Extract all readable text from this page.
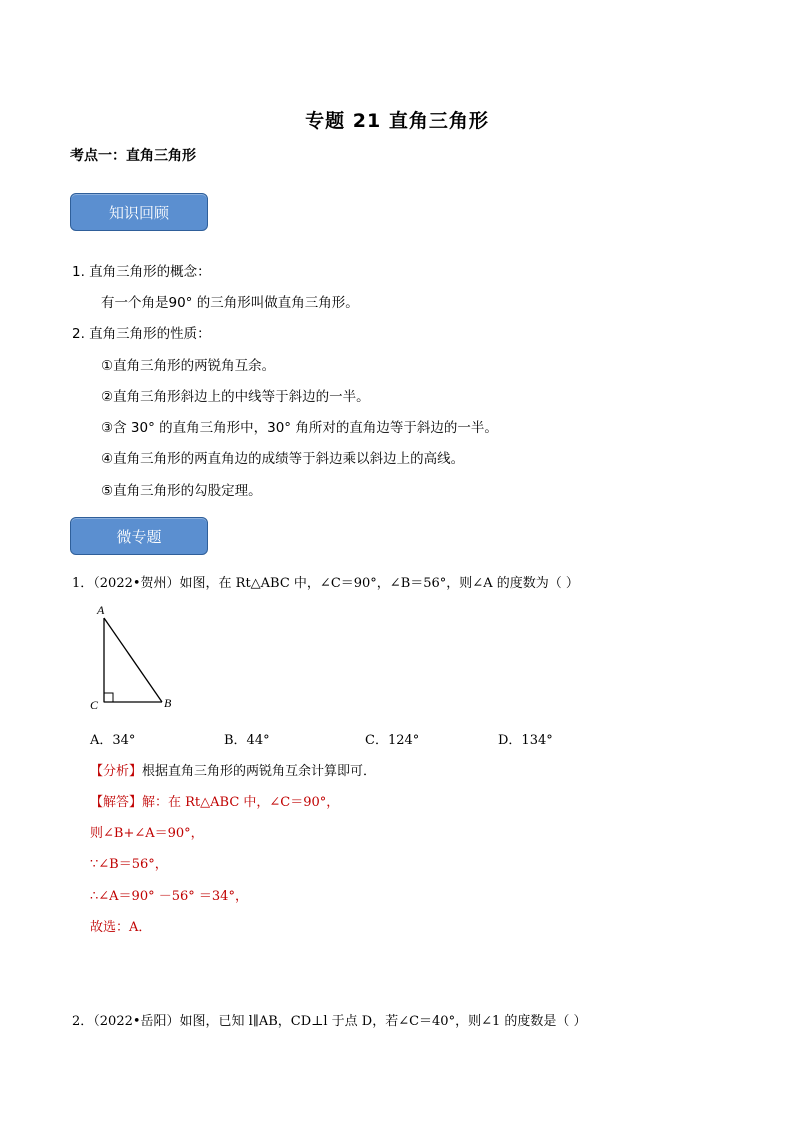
专题 21 直角三角形
考点一：直角三角形
知识回顾
1. 直角三角形的概念：
有一个角是90° 的三角形叫做直角三角形。
2. 直角三角形的性质：
①直角三角形的两锐角互余。
②直角三角形斜边上的中线等于斜边的一半。
③含 30° 的直角三角形中，30° 角所对的直角边等于斜边的一半。
④直角三角形的两直角边的成绩等于斜边乘以斜边上的高线。
⑤直角三角形的勾股定理。
微专题
1．（2022•贺州）如图，在 Rt△ABC 中，∠C＝90°，∠B＝56°，则∠A 的度数为（ ）
A
C	B
A．34°	B．44°	C．124°	D．134°
【分析】根据直角三角形的两锐角互余计算即可．
【解答】解：在 Rt△ABC 中，∠C＝90°，
则∠B+∠A＝90°，
∵∠B＝56°，
∴∠A＝90° －56° ＝34°，
故选：A．
2．（2022•岳阳）如图，已知 l∥AB，CD⊥l 于点 D，若∠C＝40°，则∠1 的度数是（ ）
